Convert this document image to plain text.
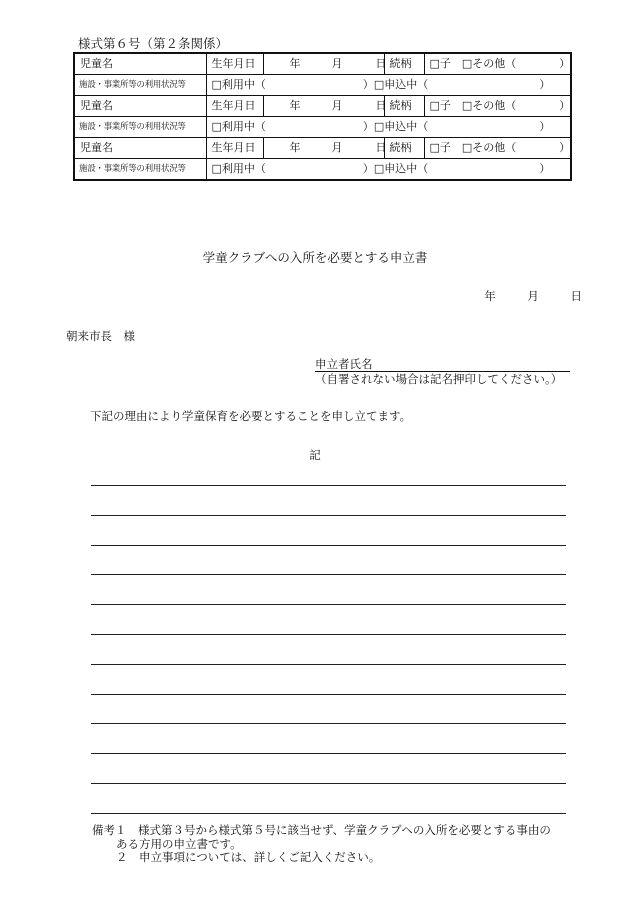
様式第６号（第２条関係）
児童名	生年月日	年 月 日	続柄	□子　□その他（ ）
施設・事業所等の利用状況等	□利用中（ ）□申込中（ ）			
児童名	生年月日	年 月 日	続柄	□子　□その他（ ）
施設・事業所等の利用状況等	□利用中（ ）□申込中（ ）			
児童名	生年月日	年 月 日	続柄	□子　□その他（ ）
施設・事業所等の利用状況等	□利用中（ ）□申込中（ ）			
学童クラブへの入所を必要とする申立書
年	月	日
朝来市長　様
申立者氏名
（自署されない場合は記名押印してください。）
下記の理由により学童保育を必要とすることを申し立てます。
記
備考１　様式第３号から様式第５号に該当せず、学童クラブへの入所を必要とする事由の
ある方用の申立書です。
２　申立事項については、詳しくご記入ください。
